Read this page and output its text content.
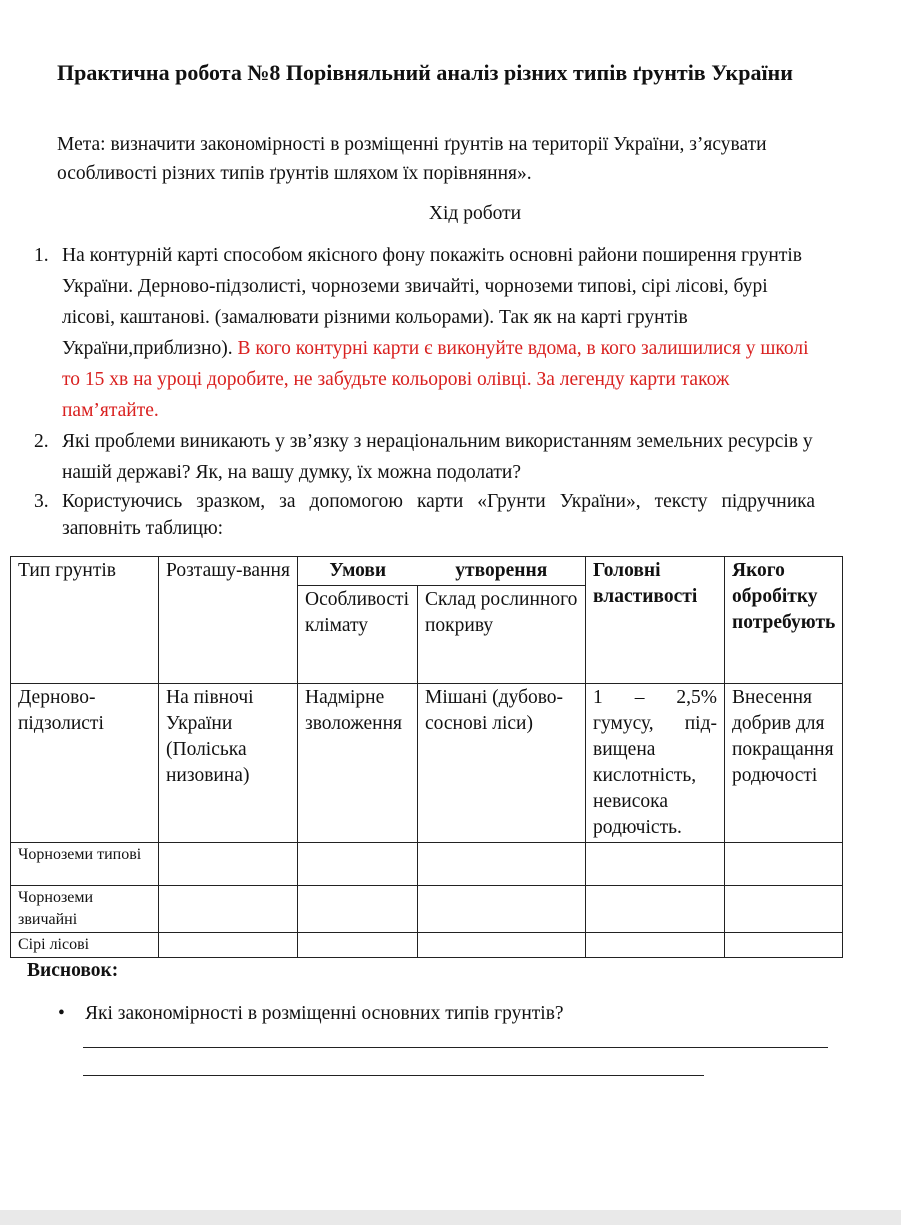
Практична робота №8 Порівняльний аналіз різних типів ґрунтів України
Мета: визначити закономірності в розміщенні ґрунтів на території України, з’ясувати особливості різних типів ґрунтів шляхом їх порівняння».
Хід роботи
1. На контурній карті способом якісного фону покажіть основні райони поширення грунтів України. Дерново-підзолисті, чорноземи звичайті, чорноземи типові, сірі лісові, бурі лісові, каштанові. (замалювати різними кольорами). Так як на карті грунтів України,приблизно). В кого контурні карти є виконуйте вдома, в кого залишилися у школі то 15 хв на уроці доробите, не забудьте кольорові олівці. За легенду карти також пам’ятайте.
2. Які проблеми виникають у зв’язку з нераціональним використанням земельних ресурсів у нашій державі? Як, на вашу думку, їх можна подолати?
3. Користуючись зразком, за допомогою карти «Грунти України», тексту підручника заповніть таблицю:
Тип грунтів	Розташу-вання	Умови	утворення	Головні властивості	Якого обробітку потребують
		Особливості клімату	Склад рослинного покриву		
Дерново-підзолисті	На півночі України (Поліська низовина)	Надмірне зволоження	Мішані (дубово-соснові ліси)	1 – 2,5% гумусу, під-вищена кислотність, невисока родючість.	Внесення добрив для покращання родючості
Чорноземи типові					
Чорноземи звичайні					
Сірі лісові					
Висновок:
• Які закономірності в розміщенні основних типів грунтів?
